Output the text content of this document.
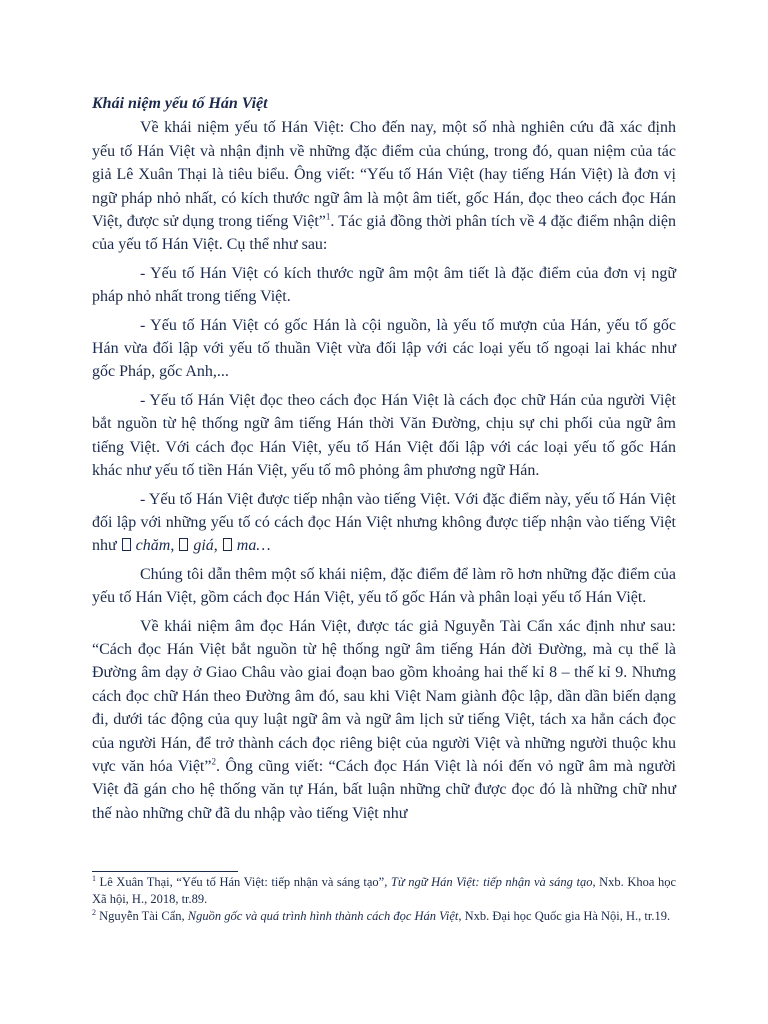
Khái niệm yếu tố Hán Việt

Về khái niệm yếu tố Hán Việt: Cho đến nay, một số nhà nghiên cứu đã xác định yếu tố Hán Việt và nhận định về những đặc điểm của chúng, trong đó, quan niệm của tác giả Lê Xuân Thại là tiêu biểu. Ông viết: “Yếu tố Hán Việt (hay tiếng Hán Việt) là đơn vị ngữ pháp nhỏ nhất, có kích thước ngữ âm là một âm tiết, gốc Hán, đọc theo cách đọc Hán Việt, được sử dụng trong tiếng Việt”$^1$. Tác giả đồng thời phân tích về 4 đặc điểm nhận diện của yếu tố Hán Việt. Cụ thể như sau:

- Yếu tố Hán Việt có kích thước ngữ âm một âm tiết là đặc điểm của đơn vị ngữ pháp nhỏ nhất trong tiếng Việt.

- Yếu tố Hán Việt có gốc Hán là cội nguồn, là yếu tố mượn của Hán, yếu tố gốc Hán vừa đối lập với yếu tố thuần Việt vừa đối lập với các loại yếu tố ngoại lai khác như gốc Pháp, gốc Anh,...

- Yếu tố Hán Việt đọc theo cách đọc Hán Việt là cách đọc chữ Hán của người Việt bắt nguồn từ hệ thống ngữ âm tiếng Hán thời Văn Đường, chịu sự chi phối của ngữ âm tiếng Việt. Với cách đọc Hán Việt, yếu tố Hán Việt đối lập với các loại yếu tố gốc Hán khác như yếu tố tiền Hán Việt, yếu tố mô phỏng âm phương ngữ Hán.

- Yếu tố Hán Việt được tiếp nhận vào tiếng Việt. Với đặc điểm này, yếu tố Hán Việt đối lập với những yếu tố có cách đọc Hán Việt nhưng không được tiếp nhận vào tiếng Việt như chăm, giá, ma…

Chúng tôi dẫn thêm một số khái niệm, đặc điểm để làm rõ hơn những đặc điểm của yếu tố Hán Việt, gồm cách đọc Hán Việt, yếu tố gốc Hán và phân loại yếu tố Hán Việt.

Về khái niệm âm đọc Hán Việt, được tác giả Nguyễn Tài Cẩn xác định như sau: “Cách đọc Hán Việt bắt nguồn từ hệ thống ngữ âm tiếng Hán đời Đường, mà cụ thể là Đường âm dạy ở Giao Châu vào giai đoạn bao gồm khoảng hai thế kỉ 8 – thế kỉ 9. Nhưng cách đọc chữ Hán theo Đường âm đó, sau khi Việt Nam giành độc lập, dần dần biến dạng đi, dưới tác động của quy luật ngữ âm và ngữ âm lịch sử tiếng Việt, tách xa hẳn cách đọc của người Hán, để trở thành cách đọc riêng biệt của người Việt và những người thuộc khu vực văn hóa Việt”$^2$. Ông cũng viết: “Cách đọc Hán Việt là nói đến vỏ ngữ âm mà người Việt đã gán cho hệ thống văn tự Hán, bất luận những chữ được đọc đó là những chữ như thế nào những chữ đã du nhập vào tiếng Việt như

$^1$ Lê Xuân Thại, “Yếu tố Hán Việt: tiếp nhận và sáng tạo”, Từ ngữ Hán Việt: tiếp nhận và sáng tạo, Nxb. Khoa học Xã hội, H., 2018, tr.89.

$^2$ Nguyễn Tài Cẩn, Nguồn gốc và quá trình hình thành cách đọc Hán Việt, Nxb. Đại học Quốc gia Hà Nội, H., tr.19.
